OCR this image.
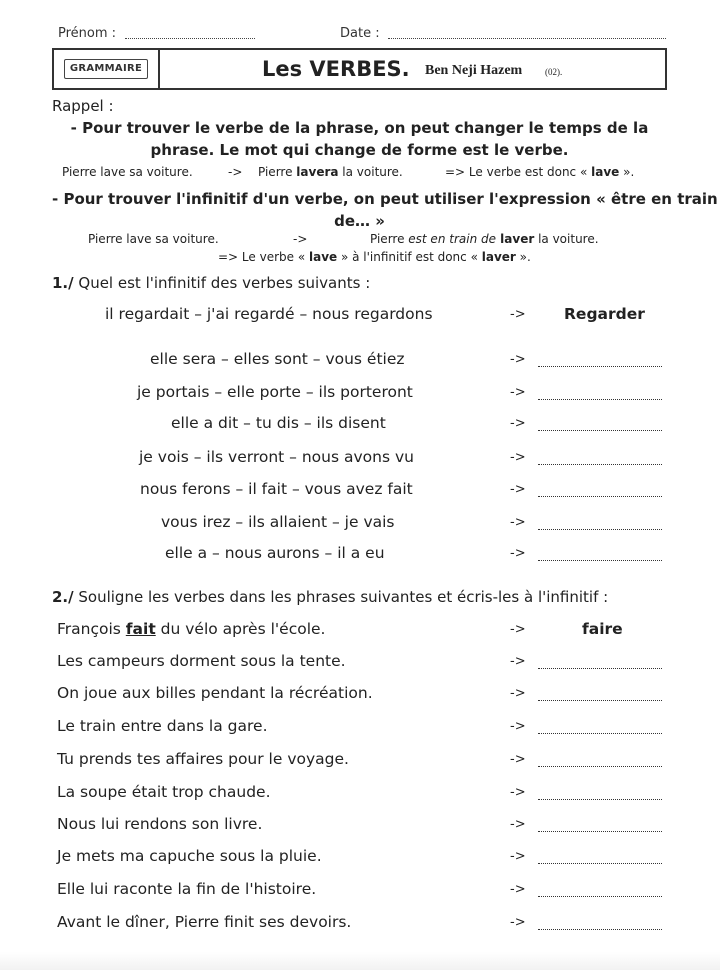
Prénom :	Date :
GRAMMAIRE	Les VERBES. Ben Neji Hazem	(02).
Rappel :
- Pour trouver le verbe de la phrase, on peut changer le temps de la
phrase. Le mot qui change de forme est le verbe.
Pierre lave sa voiture.	-> Pierre lavera la voiture.	=> Le verbe est donc « lave ».
- Pour trouver l'infinitif d'un verbe, on peut utiliser l'expression « être en train
de… »
Pierre lave sa voiture.	->	Pierre est en train de laver la voiture.
=> Le verbe « lave » à l'infinitif est donc « laver ».
1./ Quel est l'infinitif des verbes suivants :
il regardait – j'ai regardé – nous regardons	-> Regarder
elle sera – elles sont – vous étiez	->
je portais – elle porte – ils porteront	->
elle a dit – tu dis – ils disent	->
je vois – ils verront – nous avons vu	->
nous ferons – il fait – vous avez fait	->
vous irez – ils allaient – je vais	->
elle a – nous aurons – il a eu	->
2./ Souligne les verbes dans les phrases suivantes et écris-les à l'infinitif :
François fait du vélo après l'école.	->	faire
Les campeurs dorment sous la tente.	->
On joue aux billes pendant la récréation.	->
Le train entre dans la gare.	->
Tu prends tes affaires pour le voyage.	->
La soupe était trop chaude.	->
Nous lui rendons son livre.	->
Je mets ma capuche sous la pluie.	->
Elle lui raconte la fin de l'histoire.	->
Avant le dîner, Pierre finit ses devoirs.	->
